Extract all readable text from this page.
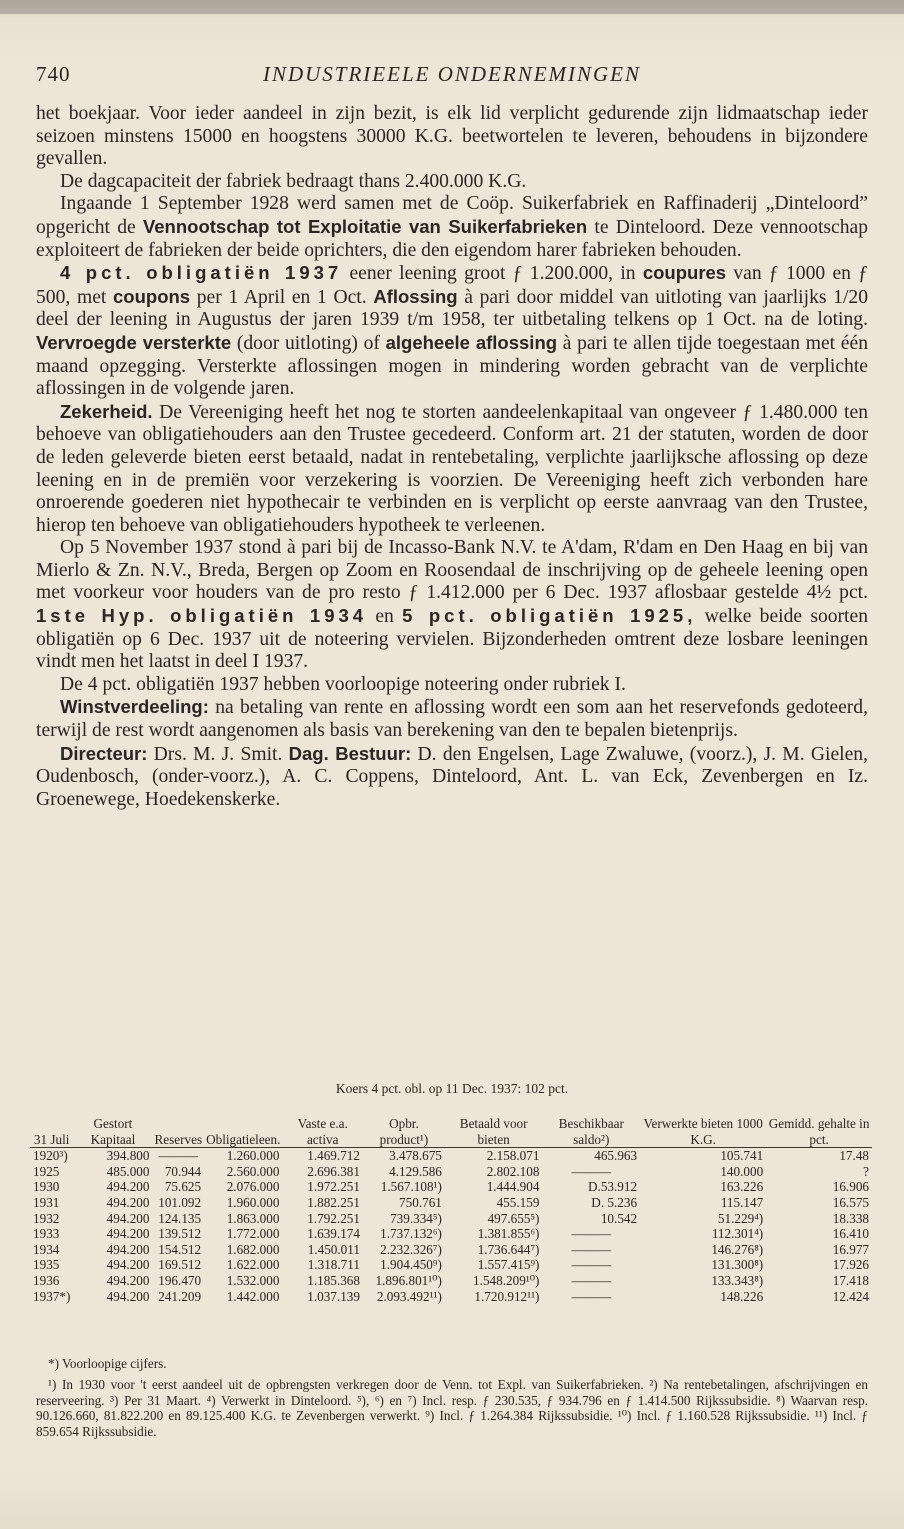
740	INDUSTRIEELE ONDERNEMINGEN

het boekjaar. Voor ieder aandeel in zijn bezit, is elk lid verplicht gedurende zijn lidmaatschap ieder seizoen minstens 15000 en hoogstens 30000 K.G. beetwortelen te leveren, behoudens in bijzondere gevallen.

De dagcapaciteit der fabriek bedraagt thans 2.400.000 K.G.

Ingaande 1 September 1928 werd samen met de Coöp. Suikerfabriek en Raffinaderij „Dinteloord” opgericht de Vennootschap tot Exploitatie van Suikerfabrieken te Dinteloord. Deze vennootschap exploiteert de fabrieken der beide oprichters, die den eigendom harer fabrieken behouden.

4 pct. obligatiën 1937 eener leening groot ƒ 1.200.000, in coupures van ƒ 1000 en ƒ 500, met coupons per 1 April en 1 Oct. Aflossing à pari door middel van uitloting van jaarlijks 1/20 deel der leening in Augustus der jaren 1939 t/m 1958, ter uitbetaling telkens op 1 Oct. na de loting. Vervroegde versterkte (door uitloting) of algeheele aflossing à pari te allen tijde toegestaan met één maand opzegging. Versterkte aflossingen mogen in mindering worden gebracht van de verplichte aflossingen in de volgende jaren.

Zekerheid. De Vereeniging heeft het nog te storten aandeelenkapitaal van ongeveer ƒ 1.480.000 ten behoeve van obligatiehouders aan den Trustee gecedeerd. Conform art. 21 der statuten, worden de door de leden geleverde bieten eerst betaald, nadat in rentebetaling, verplichte jaarlijksche aflossing op deze leening en in de premiën voor verzekering is voorzien. De Vereeniging heeft zich verbonden hare onroerende goederen niet hypothecair te verbinden en is verplicht op eerste aanvraag van den Trustee, hierop ten behoeve van obligatiehouders hypotheek te verleenen.

Op 5 November 1937 stond à pari bij de Incasso-Bank N.V. te A'dam, R'dam en Den Haag en bij van Mierlo & Zn. N.V., Breda, Bergen op Zoom en Roosendaal de inschrijving op de geheele leening open met voorkeur voor houders van de pro resto ƒ 1.412.000 per 6 Dec. 1937 aflosbaar gestelde 4½ pct. 1ste Hyp. obligatiën 1934 en 5 pct. obligatiën 1925, welke beide soorten obligatiën op 6 Dec. 1937 uit de noteering vervielen. Bijzonderheden omtrent deze losbare leeningen vindt men het laatst in deel I 1937.

De 4 pct. obligatiën 1937 hebben voorloopige noteering onder rubriek I.

Winstverdeeling: na betaling van rente en aflossing wordt een som aan het reservefonds gedoteerd, terwijl de rest wordt aangenomen als basis van berekening van den te bepalen bietenprijs.

Directeur: Drs. M. J. Smit. Dag. Bestuur: D. den Engelsen, Lage Zwaluwe, (voorz.), J. M. Gielen, Oudenbosch, (onder-voorz.), A. C. Coppens, Dinteloord, Ant. L. van Eck, Zevenbergen en Iz. Groenewege, Hoedekenskerke.

Koers 4 pct. obl. op 11 Dec. 1937: 102 pct.
31 Juli	Gestort Kapitaal	Reserves	Obligatieleen.	Vaste e.a. activa	Opbr. product¹)	Betaald voor bieten	Beschikbaar saldo²)	Verwerkte bieten 1000 K.G.	Gemidd. gehalte in pct.
1920³)	394.800	———	1.260.000	1.469.712	3.478.675	2.158.071	465.963	105.741	17.48
1925	485.000	70.944	2.560.000	2.696.381	4.129.586	2.802.108	———	140.000	?
1930	494.200	75.625	2.076.000	1.972.251	1.567.108¹)	1.444.904	D.53.912	163.226	16.906
1931	494.200	101.092	1.960.000	1.882.251	750.761	455.159	D. 5.236	115.147	16.575
1932	494.200	124.135	1.863.000	1.792.251	739.334⁵)	497.655⁵)	10.542	51.229⁴)	18.338
1933	494.200	139.512	1.772.000	1.639.174	1.737.132⁶)	1.381.855⁶)	———	112.301⁴)	16.410
1934	494.200	154.512	1.682.000	1.450.011	2.232.326⁷)	1.736.644⁷)	———	146.276⁸)	16.977
1935	494.200	169.512	1.622.000	1.318.711	1.904.450⁹)	1.557.415⁹)	———	131.300⁸)	17.926
1936	494.200	196.470	1.532.000	1.185.368	1.896.801¹⁰)	1.548.209¹⁰)	———	133.343⁸)	17.418
1937*)	494.200	241.209	1.442.000	1.037.139	2.093.492¹¹)	1.720.912¹¹)	———	148.226	12.424

*) Voorloopige cijfers.

¹) In 1930 voor 't eerst aandeel uit de opbrengsten verkregen door de Venn. tot Expl. van Suikerfabrieken. ²) Na rentebetalingen, afschrijvingen en reserveering. ³) Per 31 Maart. ⁴) Verwerkt in Dinteloord. ⁵), ⁶) en ⁷) Incl. resp. ƒ 230.535, ƒ 934.796 en ƒ 1.414.500 Rijkssubsidie. ⁸) Waarvan resp. 90.126.660, 81.822.200 en 89.125.400 K.G. te Zevenbergen verwerkt. ⁹) Incl. ƒ 1.264.384 Rijkssubsidie. ¹⁰) Incl. ƒ 1.160.528 Rijkssubsidie. ¹¹) Incl. ƒ 859.654 Rijkssubsidie.
